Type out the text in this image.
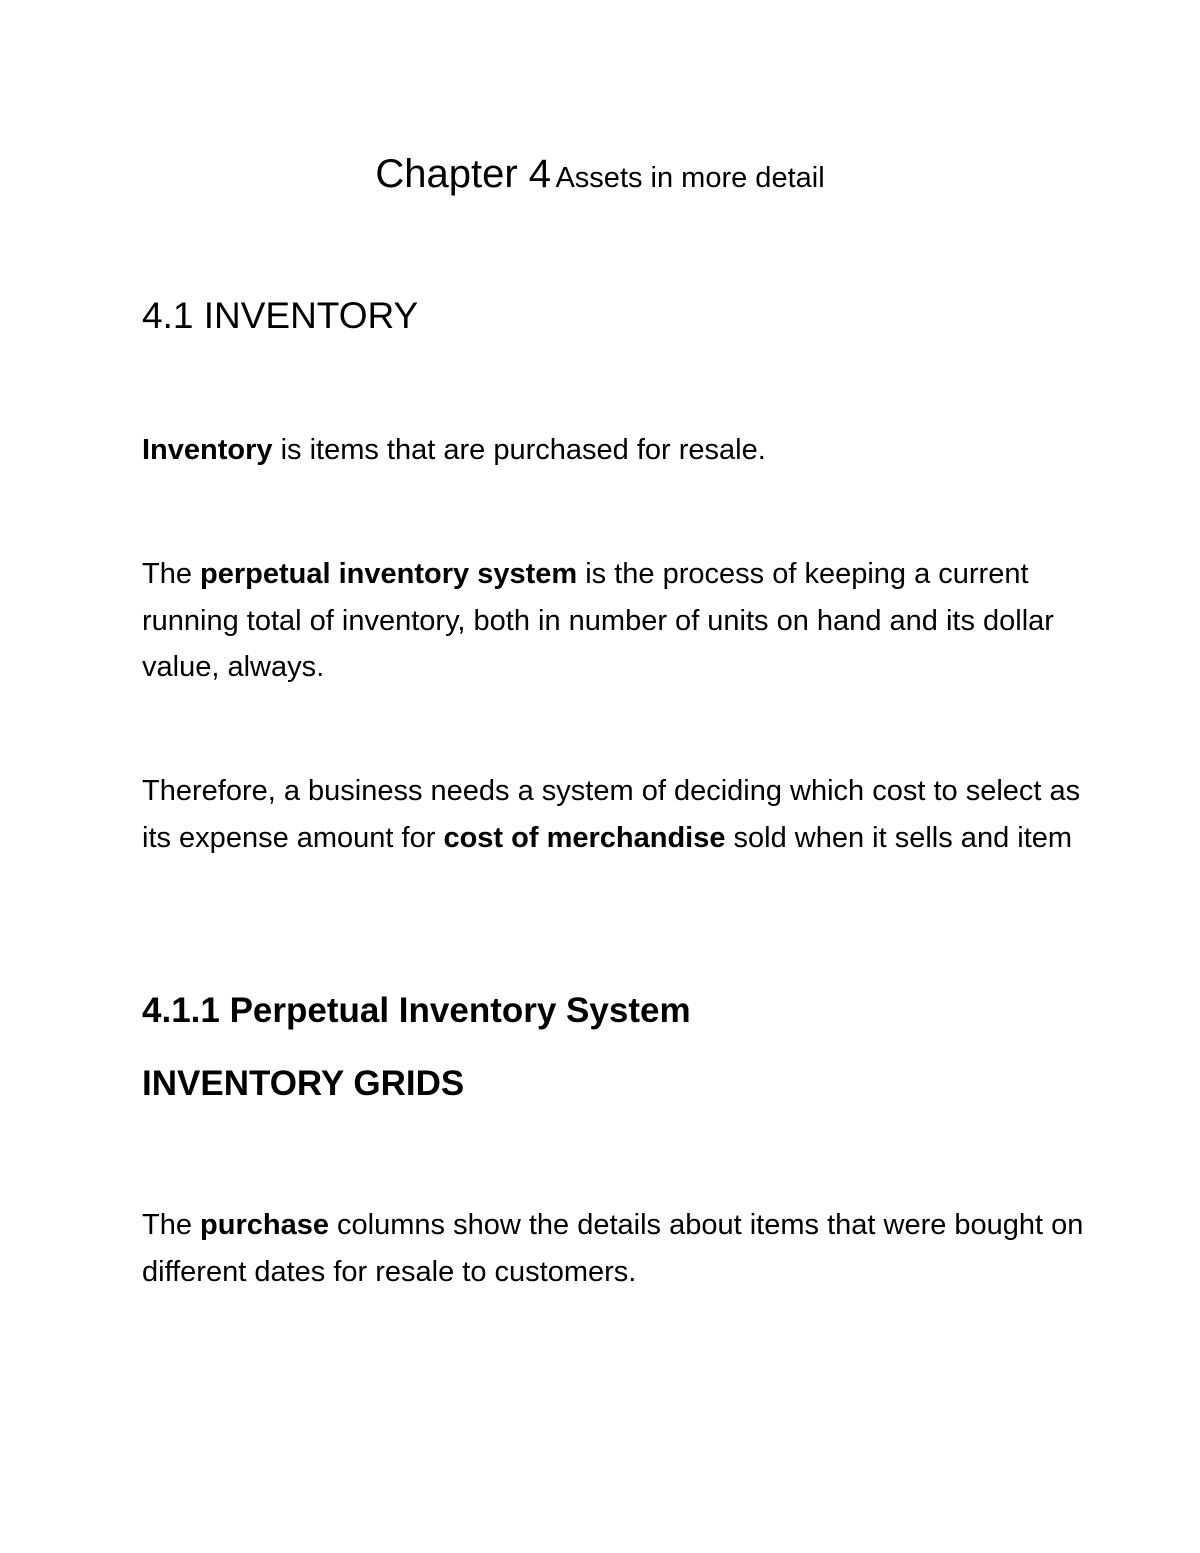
Chapter 4 Assets in more detail
4.1 INVENTORY

Inventory is items that are purchased for resale.

The perpetual inventory system is the process of keeping a current running total of inventory, both in number of units on hand and its dollar value, always.

Therefore, a business needs a system of deciding which cost to select as its expense amount for cost of merchandise sold when it sells and item

4.1.1 Perpetual Inventory System
INVENTORY GRIDS

The purchase columns show the details about items that were bought on different dates for resale to customers.
